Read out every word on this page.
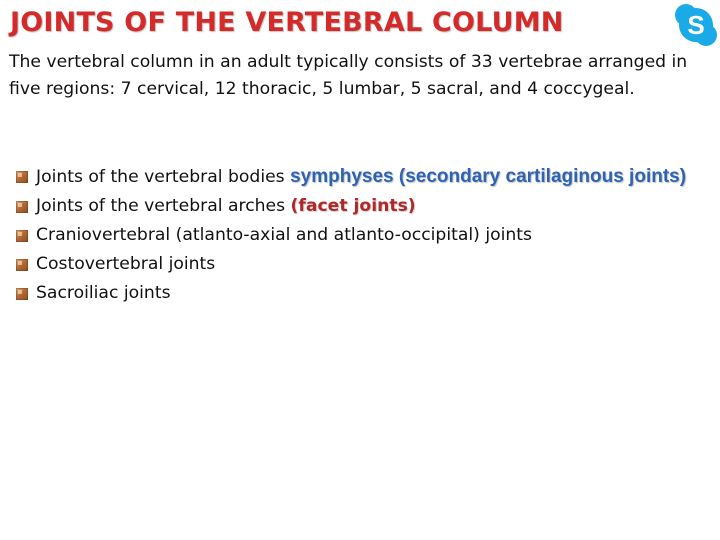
JOINTS OF THE VERTEBRAL COLUMN	S

The vertebral column in an adult typically consists of 33 vertebrae arranged in five regions: 7 cervical, 12 thoracic, 5 lumbar, 5 sacral, and 4 coccygeal.

Joints of the vertebral bodies symphyses (secondary cartilaginous joints)
Joints of the vertebral arches (facet joints)
Craniovertebral (atlanto-axial and atlanto-occipital) joints
Costovertebral joints
Sacroiliac joints
